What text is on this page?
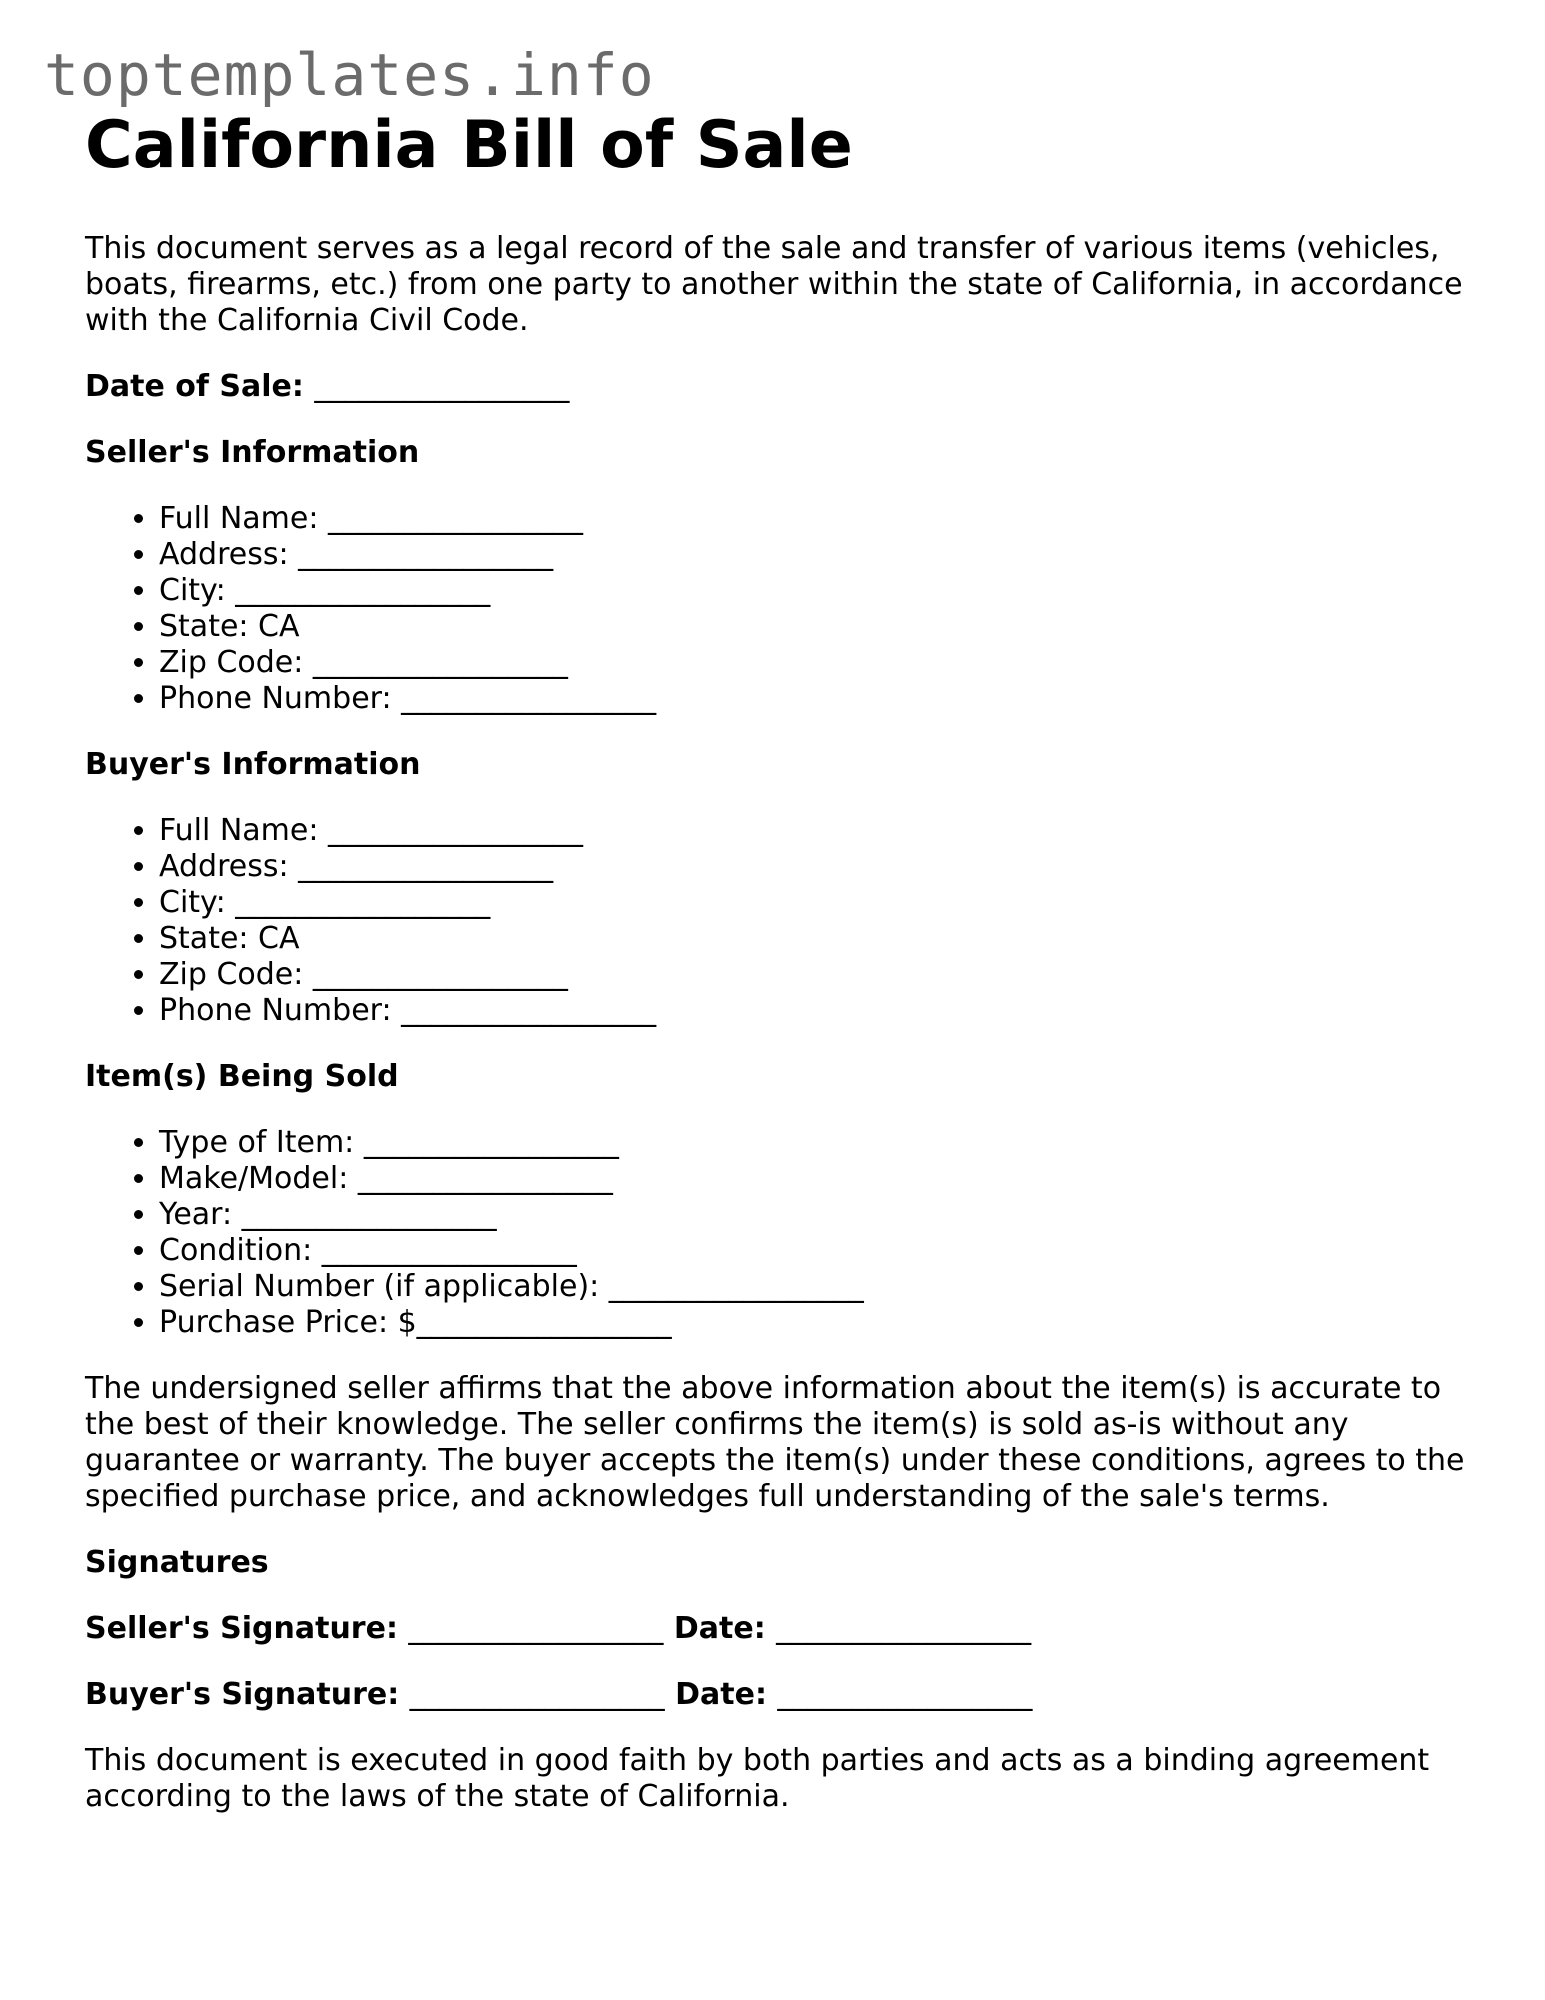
toptemplates.info
California Bill of Sale

This document serves as a legal record of the sale and transfer of various items (vehicles, boats, firearms, etc.) from one party to another within the state of California, in accordance with the California Civil Code.

Date of Sale: _________________

Seller's Information

• Full Name: _________________
• Address: _________________
• City: _________________
• State: CA
• Zip Code: _________________
• Phone Number: _________________

Buyer's Information

• Full Name: _________________
• Address: _________________
• City: _________________
• State: CA
• Zip Code: _________________
• Phone Number: _________________

Item(s) Being Sold

• Type of Item: _________________
• Make/Model: _________________
• Year: _________________
• Condition: _________________
• Serial Number (if applicable): _________________
• Purchase Price: $_________________

The undersigned seller affirms that the above information about the item(s) is accurate to the best of their knowledge. The seller confirms the item(s) is sold as-is without any guarantee or warranty. The buyer accepts the item(s) under these conditions, agrees to the specified purchase price, and acknowledges full understanding of the sale's terms.

Signatures

Seller's Signature: _________________ Date: _________________

Buyer's Signature: _________________ Date: _________________

This document is executed in good faith by both parties and acts as a binding agreement according to the laws of the state of California.
